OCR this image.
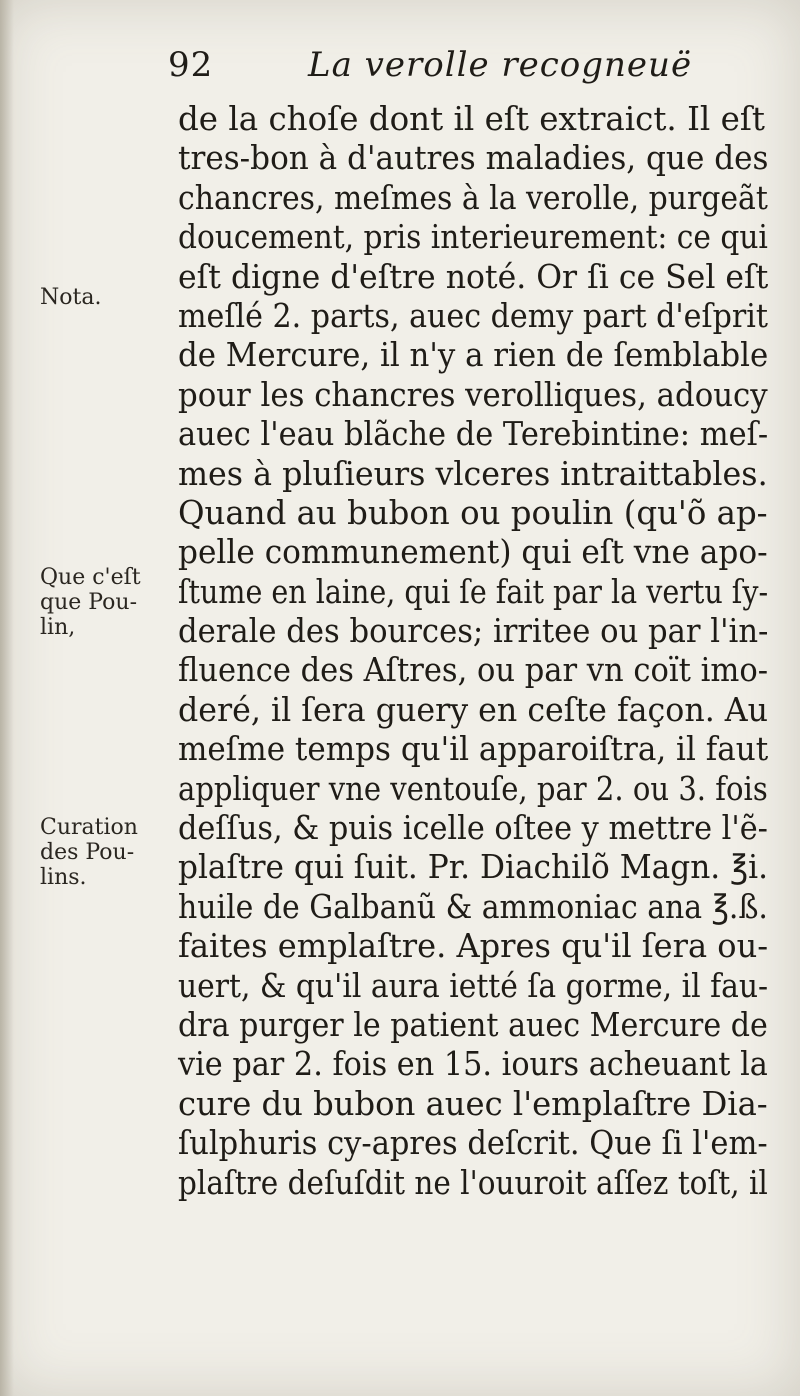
92	La verolle recogneuë
Nota.
Que c'eſt
que Pou-
lin,
Curation
des Pou-
lins.
de la choſe dont il eſt extraict. Il eſt
tres-bon à d'autres maladies, que des
chancres, meſmes à la verolle, purgeãt
doucement, pris interieurement: ce qui
eſt digne d'eſtre noté. Or ſi ce Sel eſt
meſlé 2. parts, auec demy part d'eſprit
de Mercure, il n'y a rien de ſemblable
pour les chancres verolliques, adoucy
auec l'eau blãche de Terebintine: meſ-
mes à pluſieurs vlceres intraittables.
Quand au bubon ou poulin (qu'õ ap-
pelle communement) qui eſt vne apo-
ſtume en laine, qui ſe fait par la vertu ſy-
derale des bources; irritee ou par l'in-
fluence des Aſtres, ou par vn coït imo-
deré, il ſera guery en ceſte façon. Au
meſme temps qu'il apparoiſtra, il faut
appliquer vne ventouſe, par 2. ou 3. fois
deſſus, & puis icelle oſtee y mettre l'ẽ-
plaſtre qui ſuit. Pr. Diachilõ Magn. ℥i.
huile de Galbanũ & ammoniac ana ℥.ß.
faites emplaſtre. Apres qu'il ſera ou-
uert, & qu'il aura ietté ſa gorme, il fau-
dra purger le patient auec Mercure de
vie par 2. fois en 15. iours acheuant la
cure du bubon auec l'emplaſtre Dia-
ſulphuris cy-apres deſcrit. Que ſi l'em-
plaſtre deſuſdit ne l'ouuroit aſſez toſt, il
